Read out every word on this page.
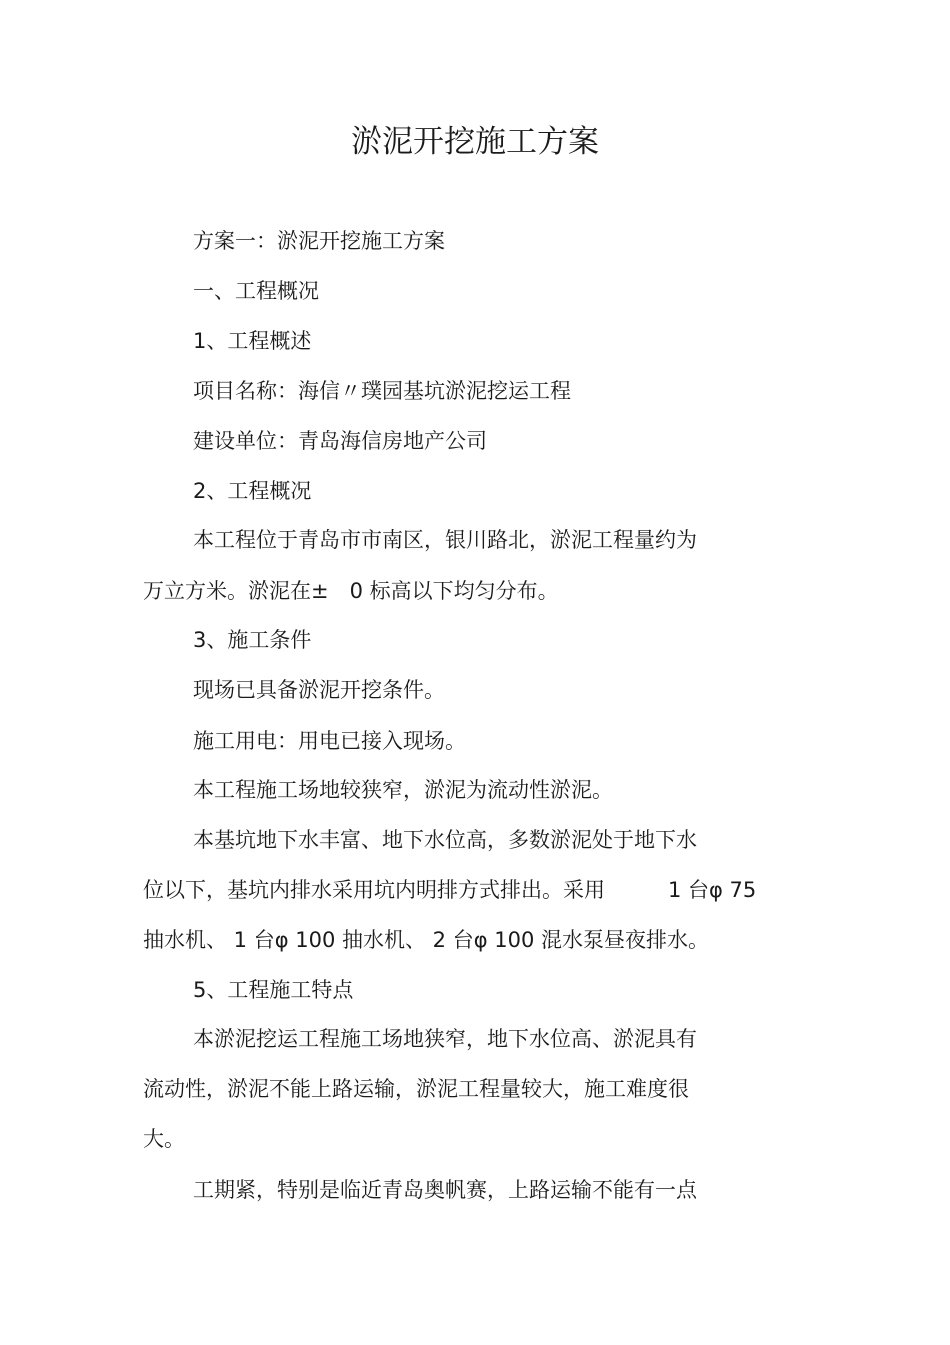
淤泥开挖施工方案
方案一：淤泥开挖施工方案
一、工程概况
1、工程概述
项目名称：海信〃璞园基坑淤泥挖运工程
建设单位：青岛海信房地产公司
2、工程概况
本工程位于青岛市市南区，银川路北，淤泥工程量约为
万立方米。淤泥在±　0 标高以下均匀分布。
3、施工条件
现场已具备淤泥开挖条件。
施工用电：用电已接入现场。
本工程施工场地较狭窄，淤泥为流动性淤泥。
本基坑地下水丰富、地下水位高，多数淤泥处于地下水
位以下，基坑内排水采用坑内明排方式排出。采用　　　1 台φ 75
抽水机、 1 台φ 100 抽水机、 2 台φ 100 混水泵昼夜排水。
5、工程施工特点
本淤泥挖运工程施工场地狭窄，地下水位高、淤泥具有
流动性，淤泥不能上路运输，淤泥工程量较大，施工难度很
大。
工期紧，特别是临近青岛奥帆赛，上路运输不能有一点
